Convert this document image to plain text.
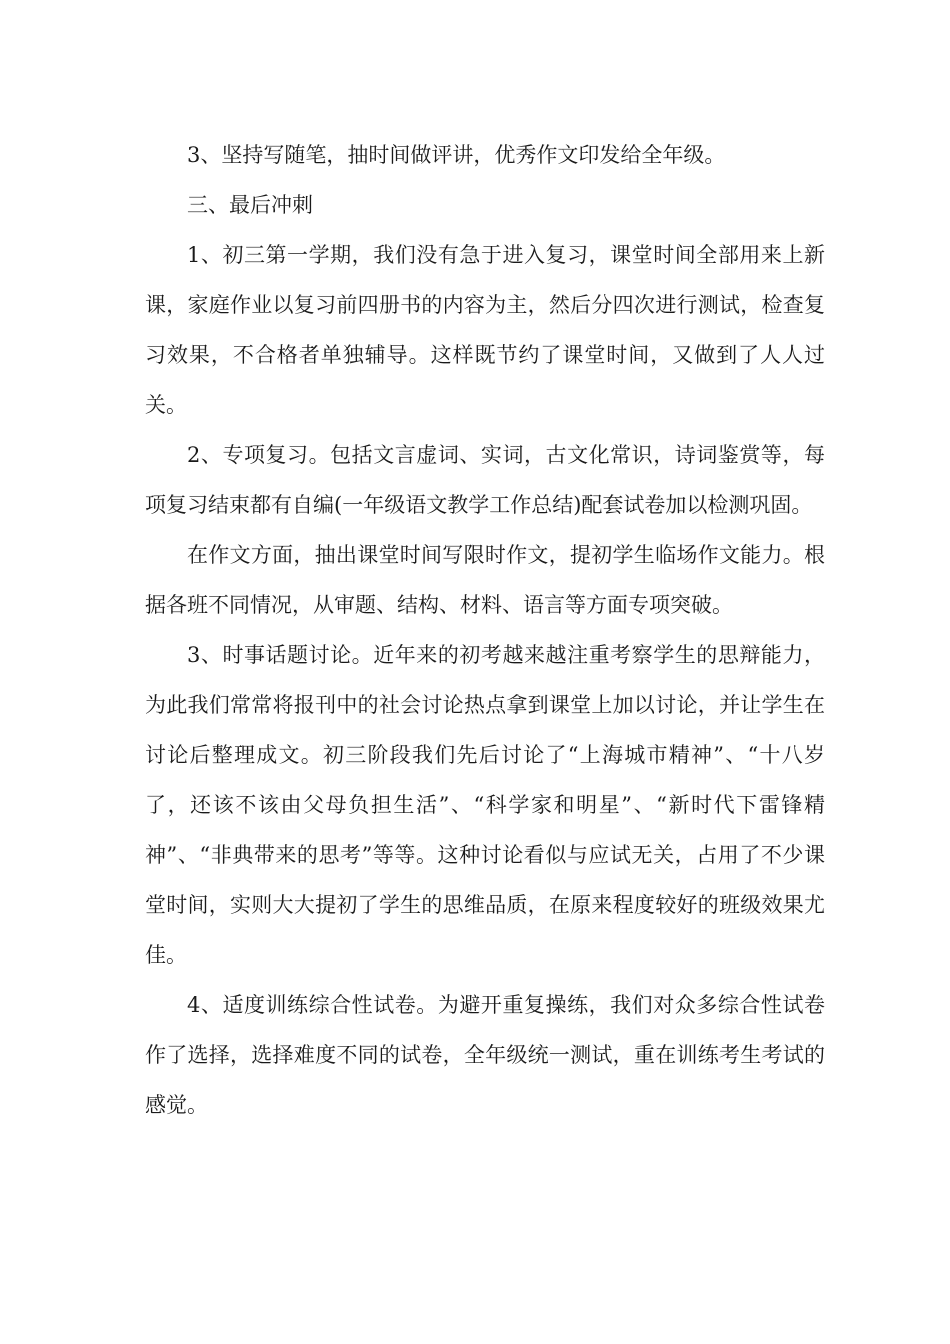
3、坚持写随笔，抽时间做评讲，优秀作文印发给全年级。

三、最后冲刺

1、初三第一学期，我们没有急于进入复习，课堂时间全部用来上新课，家庭作业以复习前四册书的内容为主，然后分四次进行测试，检查复习效果，不合格者单独辅导。这样既节约了课堂时间，又做到了人人过关。

2、专项复习。包括文言虚词、实词，古文化常识，诗词鉴赏等，每项复习结束都有自编(一年级语文教学工作总结)配套试卷加以检测巩固。

在作文方面，抽出课堂时间写限时作文，提初学生临场作文能力。根据各班不同情况，从审题、结构、材料、语言等方面专项突破。

3、时事话题讨论。近年来的初考越来越注重考察学生的思辩能力，为此我们常常将报刊中的社会讨论热点拿到课堂上加以讨论，并让学生在讨论后整理成文。初三阶段我们先后讨论了“上海城市精神”、“十八岁了，还该不该由父母负担生活”、“科学家和明星”、“新时代下雷锋精神”、“非典带来的思考”等等。这种讨论看似与应试无关，占用了不少课堂时间，实则大大提初了学生的思维品质，在原来程度较好的班级效果尤佳。

4、适度训练综合性试卷。为避开重复操练，我们对众多综合性试卷作了选择，选择难度不同的试卷，全年级统一测试，重在训练考生考试的感觉。
